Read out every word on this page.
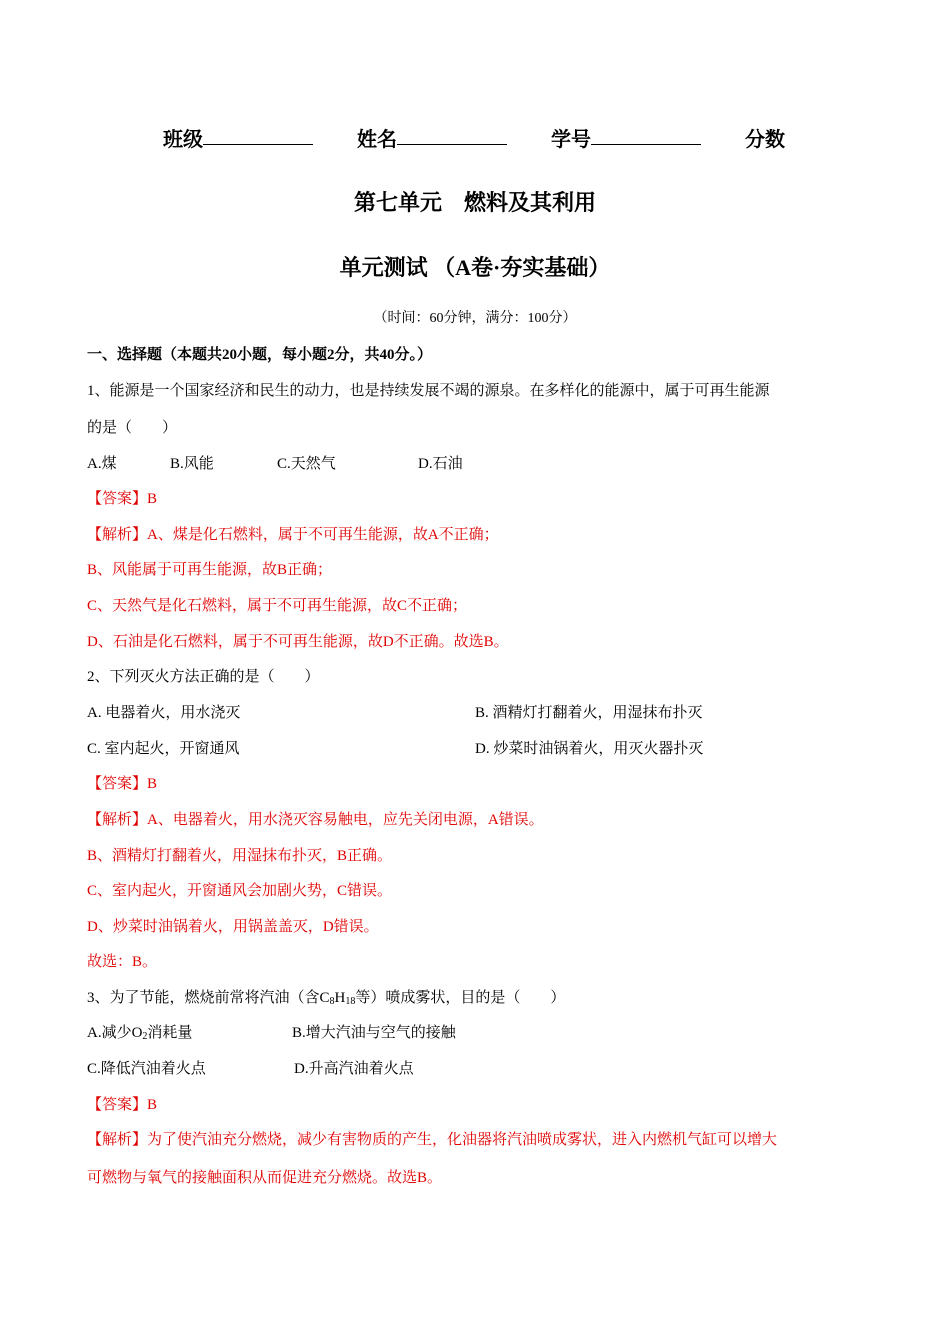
班级	姓名	学号	分数
第七单元　燃料及其利用
单元测试 （A卷·夯实基础）
（时间：60分钟，满分：100分）
一、选择题（本题共20小题，每小题2分，共40分。）
1、能源是一个国家经济和民生的动力，也是持续发展不竭的源泉。在多样化的能源中，属于可再生能源
的是（　　）
A.煤	B.风能	C.天然气	D.石油
【答案】B
【解析】A、煤是化石燃料，属于不可再生能源，故A不正确；
B、风能属于可再生能源，故B正确；
C、天然气是化石燃料，属于不可再生能源，故C不正确；
D、石油是化石燃料，属于不可再生能源，故D不正确。故选B。
2、下列灭火方法正确的是（　　）
A. 电器着火，用水浇灭	B. 酒精灯打翻着火，用湿抹布扑灭
C. 室内起火，开窗通风	D. 炒菜时油锅着火，用灭火器扑灭
【答案】B
【解析】A、电器着火，用水浇灭容易触电，应先关闭电源，A错误。
B、酒精灯打翻着火，用湿抹布扑灭，B正确。
C、室内起火，开窗通风会加剧火势，C错误。
D、炒菜时油锅着火，用锅盖盖灭，D错误。
故选：B。
3、为了节能，燃烧前常将汽油（含$C_8H_{18}$等）喷成雾状，目的是（　　）
A.减少$O_2$消耗量	B.增大汽油与空气的接触
C.降低汽油着火点	D.升高汽油着火点
【答案】B
【解析】为了使汽油充分燃烧，减少有害物质的产生，化油器将汽油喷成雾状，进入内燃机气缸可以增大
可燃物与氧气的接触面积从而促进充分燃烧。故选B。
